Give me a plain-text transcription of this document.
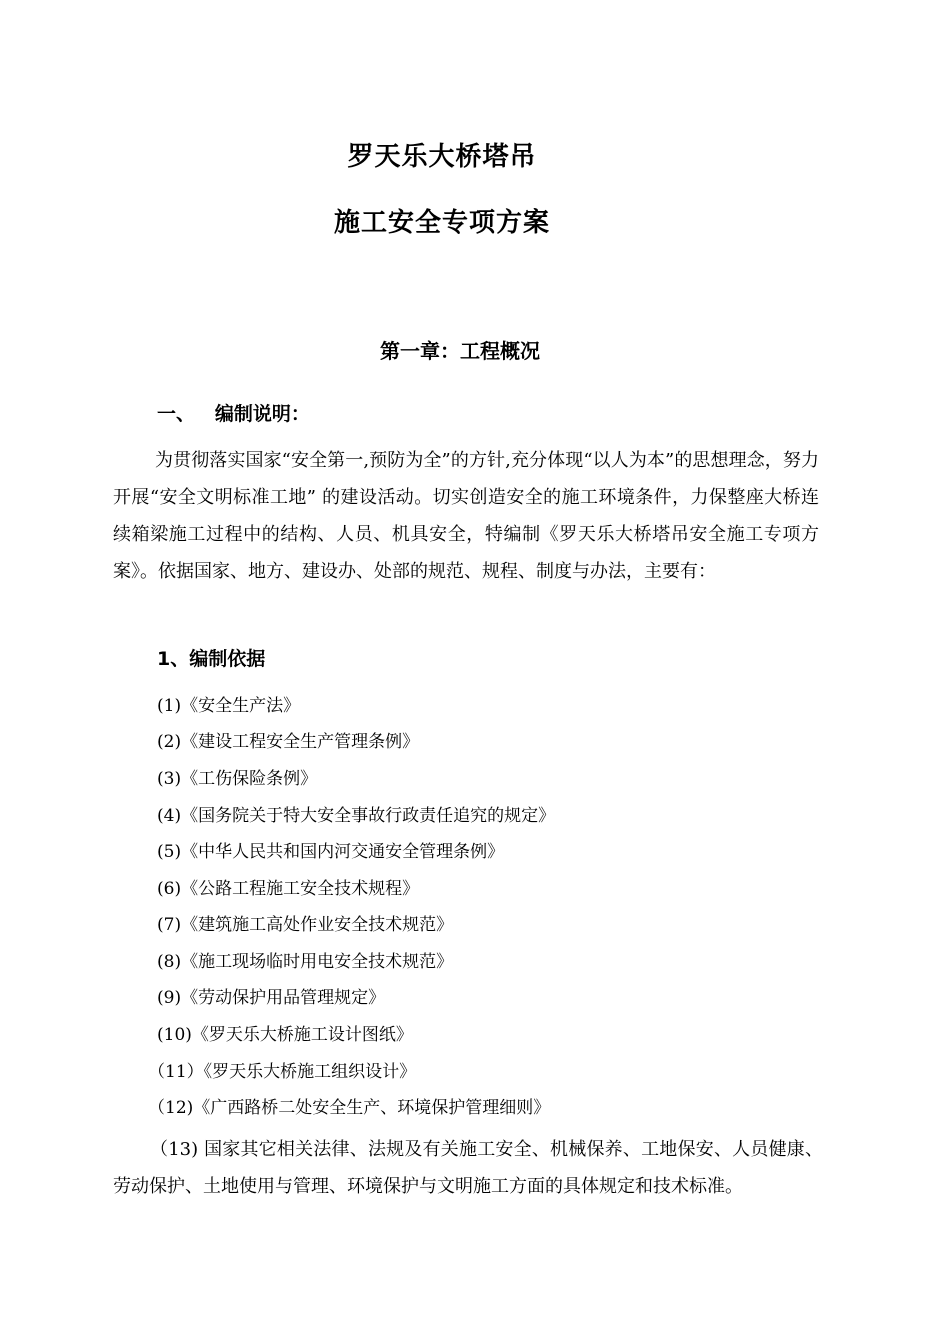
罗天乐大桥塔吊
施工安全专项方案
第一章：工程概况
一、   编制说明：
为贯彻落实国家“安全第一,预防为全”的方针,充分体现“以人为本”的思想理念，努力开展“安全文明标准工地” 的建设活动。切实创造安全的施工环境条件，力保整座大桥连续箱梁施工过程中的结构、人员、机具安全，特编制《罗天乐大桥塔吊安全施工专项方案》。依据国家、地方、建设办、处部的规范、规程、制度与办法，主要有：
1、编制依据
(1)《安全生产法》
(2)《建设工程安全生产管理条例》
(3)《工伤保险条例》
(4)《国务院关于特大安全事故行政责任追究的规定》
(5)《中华人民共和国内河交通安全管理条例》
(6)《公路工程施工安全技术规程》
(7)《建筑施工高处作业安全技术规范》
(8)《施工现场临时用电安全技术规范》
(9)《劳动保护用品管理规定》
(10)《罗天乐大桥施工设计图纸》
（11）《罗天乐大桥施工组织设计》
（12)《广西路桥二处安全生产、环境保护管理细则》
（13) 国家其它相关法律、法规及有关施工安全、机械保养、工地保安、人员健康、劳动保护、土地使用与管理、环境保护与文明施工方面的具体规定和技术标准。
